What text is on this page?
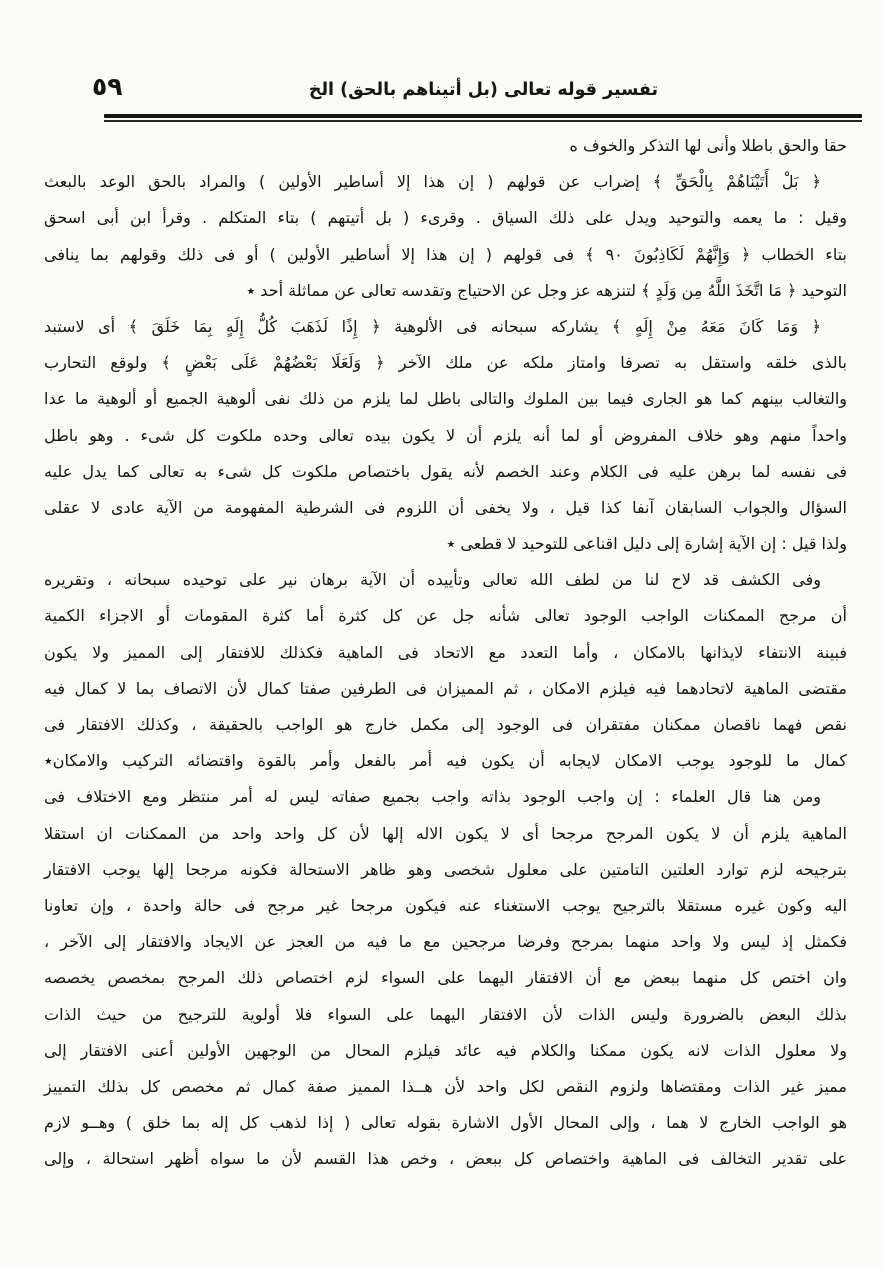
٥٩	تفسير قوله تعالى (بل أتيناهم بالحق) الخ
حقا والحق باطلا وأنى لها التذكر والخوف ه
﴿ بَلْ أَتَيْنَاهُمْ بِالْحَقِّ ﴾ إضراب عن قولهم ( إن هذا إلا أساطير الأولين ) والمراد بالحق الوعد بالبعث
وقيل : ما يعمه والتوحيد ويدل على ذلك السياق . وقرىء ( بل أتيتهم ) بتاء المتكلم . وقرأ ابن أبى اسحق
بتاء الخطاب ﴿ وَإِنَّهُمْ لَكَاذِبُونَ ٩٠ ﴾ فى قولهم ( إن هذا إلا أساطير الأولين ) أو فى ذلك وقولهم بما ينافى
التوحيد ﴿ مَا اتَّخَذَ اللَّهُ مِن وَلَدٍ ﴾ لتنزهه عز وجل عن الاحتياج وتقدسه تعالى عن مماثلة أحد ٭
﴿ وَمَا كَانَ مَعَهُ مِنْ إِلَهٍ ﴾ يشاركه سبحانه فى الألوهية ﴿ إِذًا لَذَهَبَ كُلُّ إِلَهٍ بِمَا خَلَقَ ﴾ أى لاستبد
بالذى خلقه واستقل به تصرفا وامتاز ملكه عن ملك الآخر ﴿ وَلَعَلَا بَعْضُهُمْ عَلَى بَعْضٍ ﴾ ولوقع التحارب
والتغالب بينهم كما هو الجارى فيما بين الملوك والتالى باطل لما يلزم من ذلك نفى ألوهية الجميع أو ألوهية ما عدا
واحداً منهم وهو خلاف المفروض أو لما أنه يلزم أن لا يكون بيده تعالى وحده ملكوت كل شىء . وهو باطل
فى نفسه لما برهن عليه فى الكلام وعند الخصم لأنه يقول باختصاص ملكوت كل شىء به تعالى كما يدل عليه
السؤال والجواب السابقان آنفا كذا قيل ، ولا يخفى أن اللزوم فى الشرطية المفهومة من الآية عادى لا عقلى
ولذا قيل : إن الآية إشارة إلى دليل اقناعى للتوحيد لا قطعى ٭
وفى الكشف قد لاح لنا من لطف الله تعالى وتأييده أن الآية برهان نير على توحيده سبحانه ، وتقريره
أن مرجح الممكنات الواجب الوجود تعالى شأنه جل عن كل كثرة أما كثرة المقومات أو الاجزاء الكمية
فبينة الانتفاء لايذانها بالامكان ، وأما التعدد مع الاتحاد فى الماهية فكذلك للافتقار إلى المميز ولا يكون
مقتضى الماهية لاتحادهما فيه فيلزم الامكان ، ثم المميزان فى الطرفين صفتا كمال لأن الاتصاف بما لا كمال فيه
نقص فهما ناقصان ممكنان مفتقران فى الوجود إلى مكمل خارج هو الواجب بالحقيقة ، وكذلك الافتقار فى
كمال ما للوجود يوجب الامكان لايجابه أن يكون فيه أمر بالفعل وأمر بالقوة واقتضائه التركيب والامكان٭
ومن هنا قال العلماء : إن واجب الوجود بذاته واجب بجميع صفاته ليس له أمر منتظر ومع الاختلاف فى
الماهية يلزم أن لا يكون المرجح مرجحا أى لا يكون الاله إلها لأن كل واحد واحد من الممكنات ان استقلا
بترجيحه لزم توارد العلتين التامتين على معلول شخصى وهو ظاهر الاستحالة فكونه مرجحا إلها يوجب الافتقار
اليه وكون غيره مستقلا بالترجيح يوجب الاستغناء عنه فيكون مرجحا غير مرجح فى حالة واحدة ، وإن تعاونا
فكمثل إذ ليس ولا واحد منهما بمرجح وفرضا مرجحين مع ما فيه من العجز عن الايجاد والافتقار إلى الآخر ،
وان اختص كل منهما ببعض مع أن الافتقار اليهما على السواء لزم اختصاص ذلك المرجح بمخصص يخصصه
بذلك البعض بالضرورة وليس الذات لأن الافتقار اليهما على السواء فلا أولوية للترجيح من حيث الذات
ولا معلول الذات لانه يكون ممكنا والكلام فيه عائد فيلزم المحال من الوجهين الأولين أعنى الافتقار إلى
مميز غير الذات ومقتضاها ولزوم النقص لكل واحد لأن هــذا المميز صفة كمال ثم مخصص كل بذلك التمييز
هو الواجب الخارج لا هما ، وإلى المحال الأول الاشارة بقوله تعالى ( إذا لذهب كل إله بما خلق ) وهــو لازم
على تقدير التخالف فى الماهية واختصاص كل ببعض ، وخص هذا القسم لأن ما سواه أظهر استحالة ، وإلى
